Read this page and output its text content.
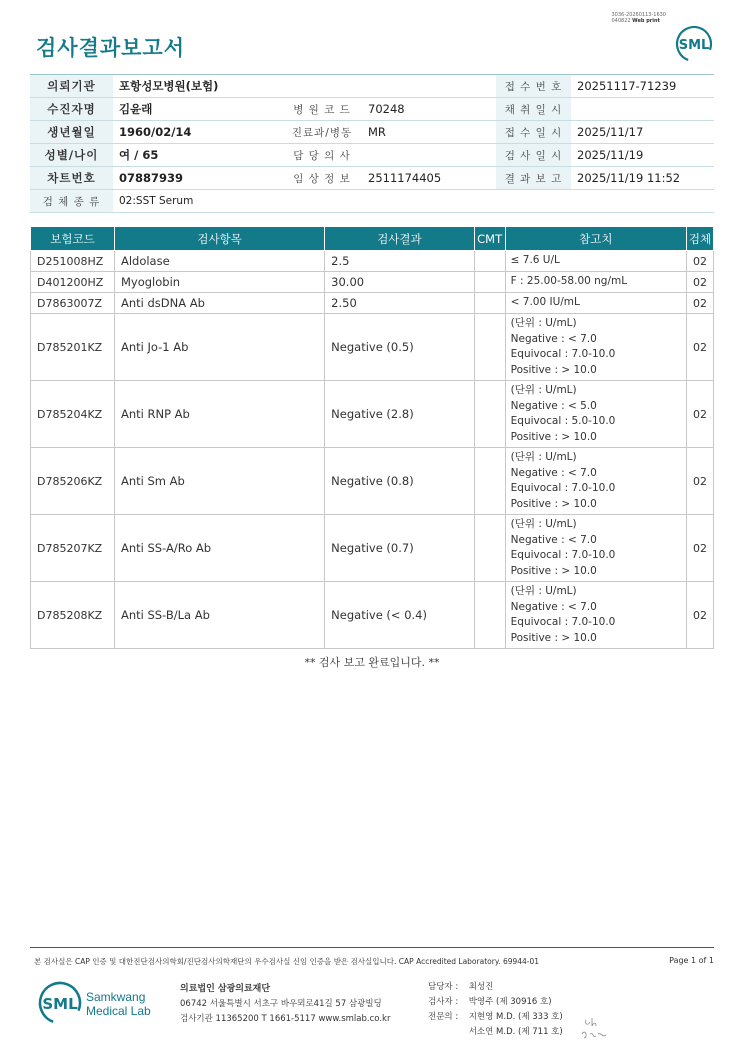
검사결과보고서
3036-20260113-1630
040822 Web print
SML
의뢰기관	포항성모병원(보험)			접 수 번 호	20251117-71239
수진자명	김윤래	병 원 코 드	70248	채 취 일 시	
생년월일	1960/02/14	진료과/병동	MR	접 수 일 시	2025/11/17
성별/나이	여 / 65	담 당 의 사		검 사 일 시	2025/11/19
차트번호	07887939	임 상 정 보	2511174405	결 과 보 고	2025/11/19 11:52
검 체 종 류	02:SST Serum				
보험코드	검사항목	검사결과	CMT	참고치	검체
D251008HZ	Aldolase	2.5		≤ 7.6 U/L	02
D401200HZ	Myoglobin	30.00		F : 25.00-58.00 ng/mL	02
D7863007Z	Anti dsDNA Ab	2.50		< 7.00 IU/mL	02
D785201KZ	Anti Jo-1 Ab	Negative (0.5)		(단위 : U/mL)
Negative : < 7.0
Equivocal : 7.0-10.0
Positive : > 10.0	02
D785204KZ	Anti RNP Ab	Negative (2.8)		(단위 : U/mL)
Negative : < 5.0
Equivocal : 5.0-10.0
Positive : > 10.0	02
D785206KZ	Anti Sm Ab	Negative (0.8)		(단위 : U/mL)
Negative : < 7.0
Equivocal : 7.0-10.0
Positive : > 10.0	02
D785207KZ	Anti SS-A/Ro Ab	Negative (0.7)		(단위 : U/mL)
Negative : < 7.0
Equivocal : 7.0-10.0
Positive : > 10.0	02
D785208KZ	Anti SS-B/La Ab	Negative (< 0.4)		(단위 : U/mL)
Negative : < 7.0
Equivocal : 7.0-10.0
Positive : > 10.0	02
** 검사 보고 완료입니다. **
본 검사실은 CAP 인증 및 대한진단검사의학회/진단검사의학재단의 우수검사실 신임 인증을 받은 검사실입니다. CAP Accredited Laboratory. 69944-01	Page 1 of 1
SML Samkwang
Medical Lab
의료법인 삼광의료재단
06742 서울특별시 서초구 바우뫼로41길 57 삼광빌딩
검사기관 11365200 T 1661-5117 www.smlab.co.kr
담당자 : 최성진
검사자 : 박영주 (제 30916 호)
전문의 : 지현영 M.D. (제 333 호)
서소연 M.D. (제 711 호)
